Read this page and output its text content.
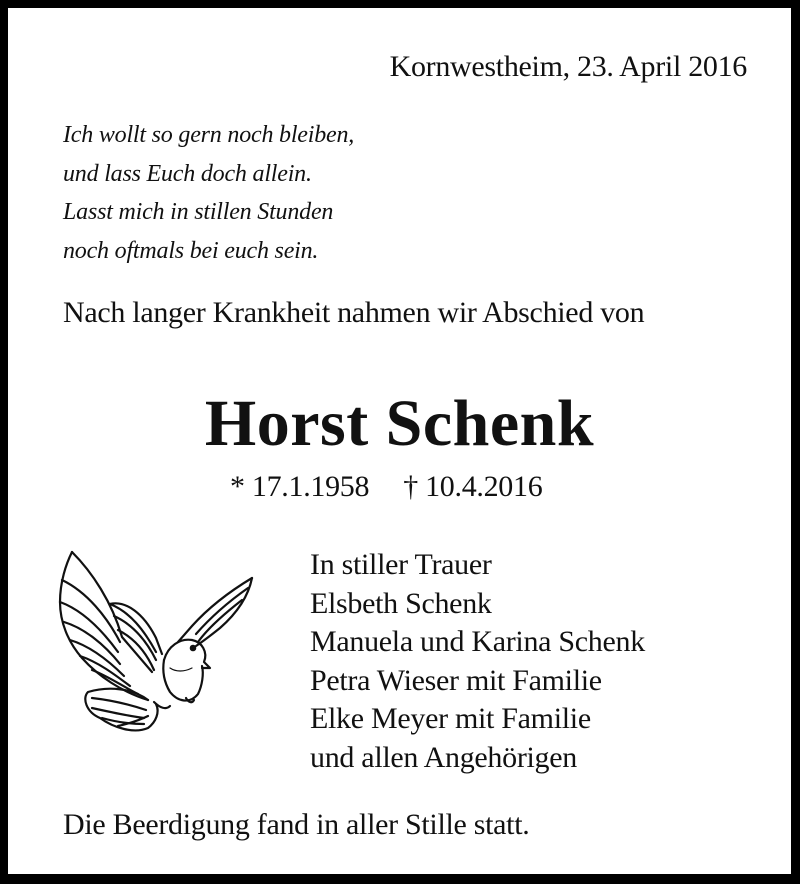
Kornwestheim, 23. April 2016
Ich wollt so gern noch bleiben,
und lass Euch doch allein.
Lasst mich in stillen Stunden
noch oftmals bei euch sein.
Nach langer Krankheit nahmen wir Abschied von
Horst Schenk
* 17.1.1958 † 10.4.2016
In stiller Trauer
Elsbeth Schenk
Manuela und Karina Schenk
Petra Wieser mit Familie
Elke Meyer mit Familie
und allen Angehörigen
Die Beerdigung fand in aller Stille statt.
